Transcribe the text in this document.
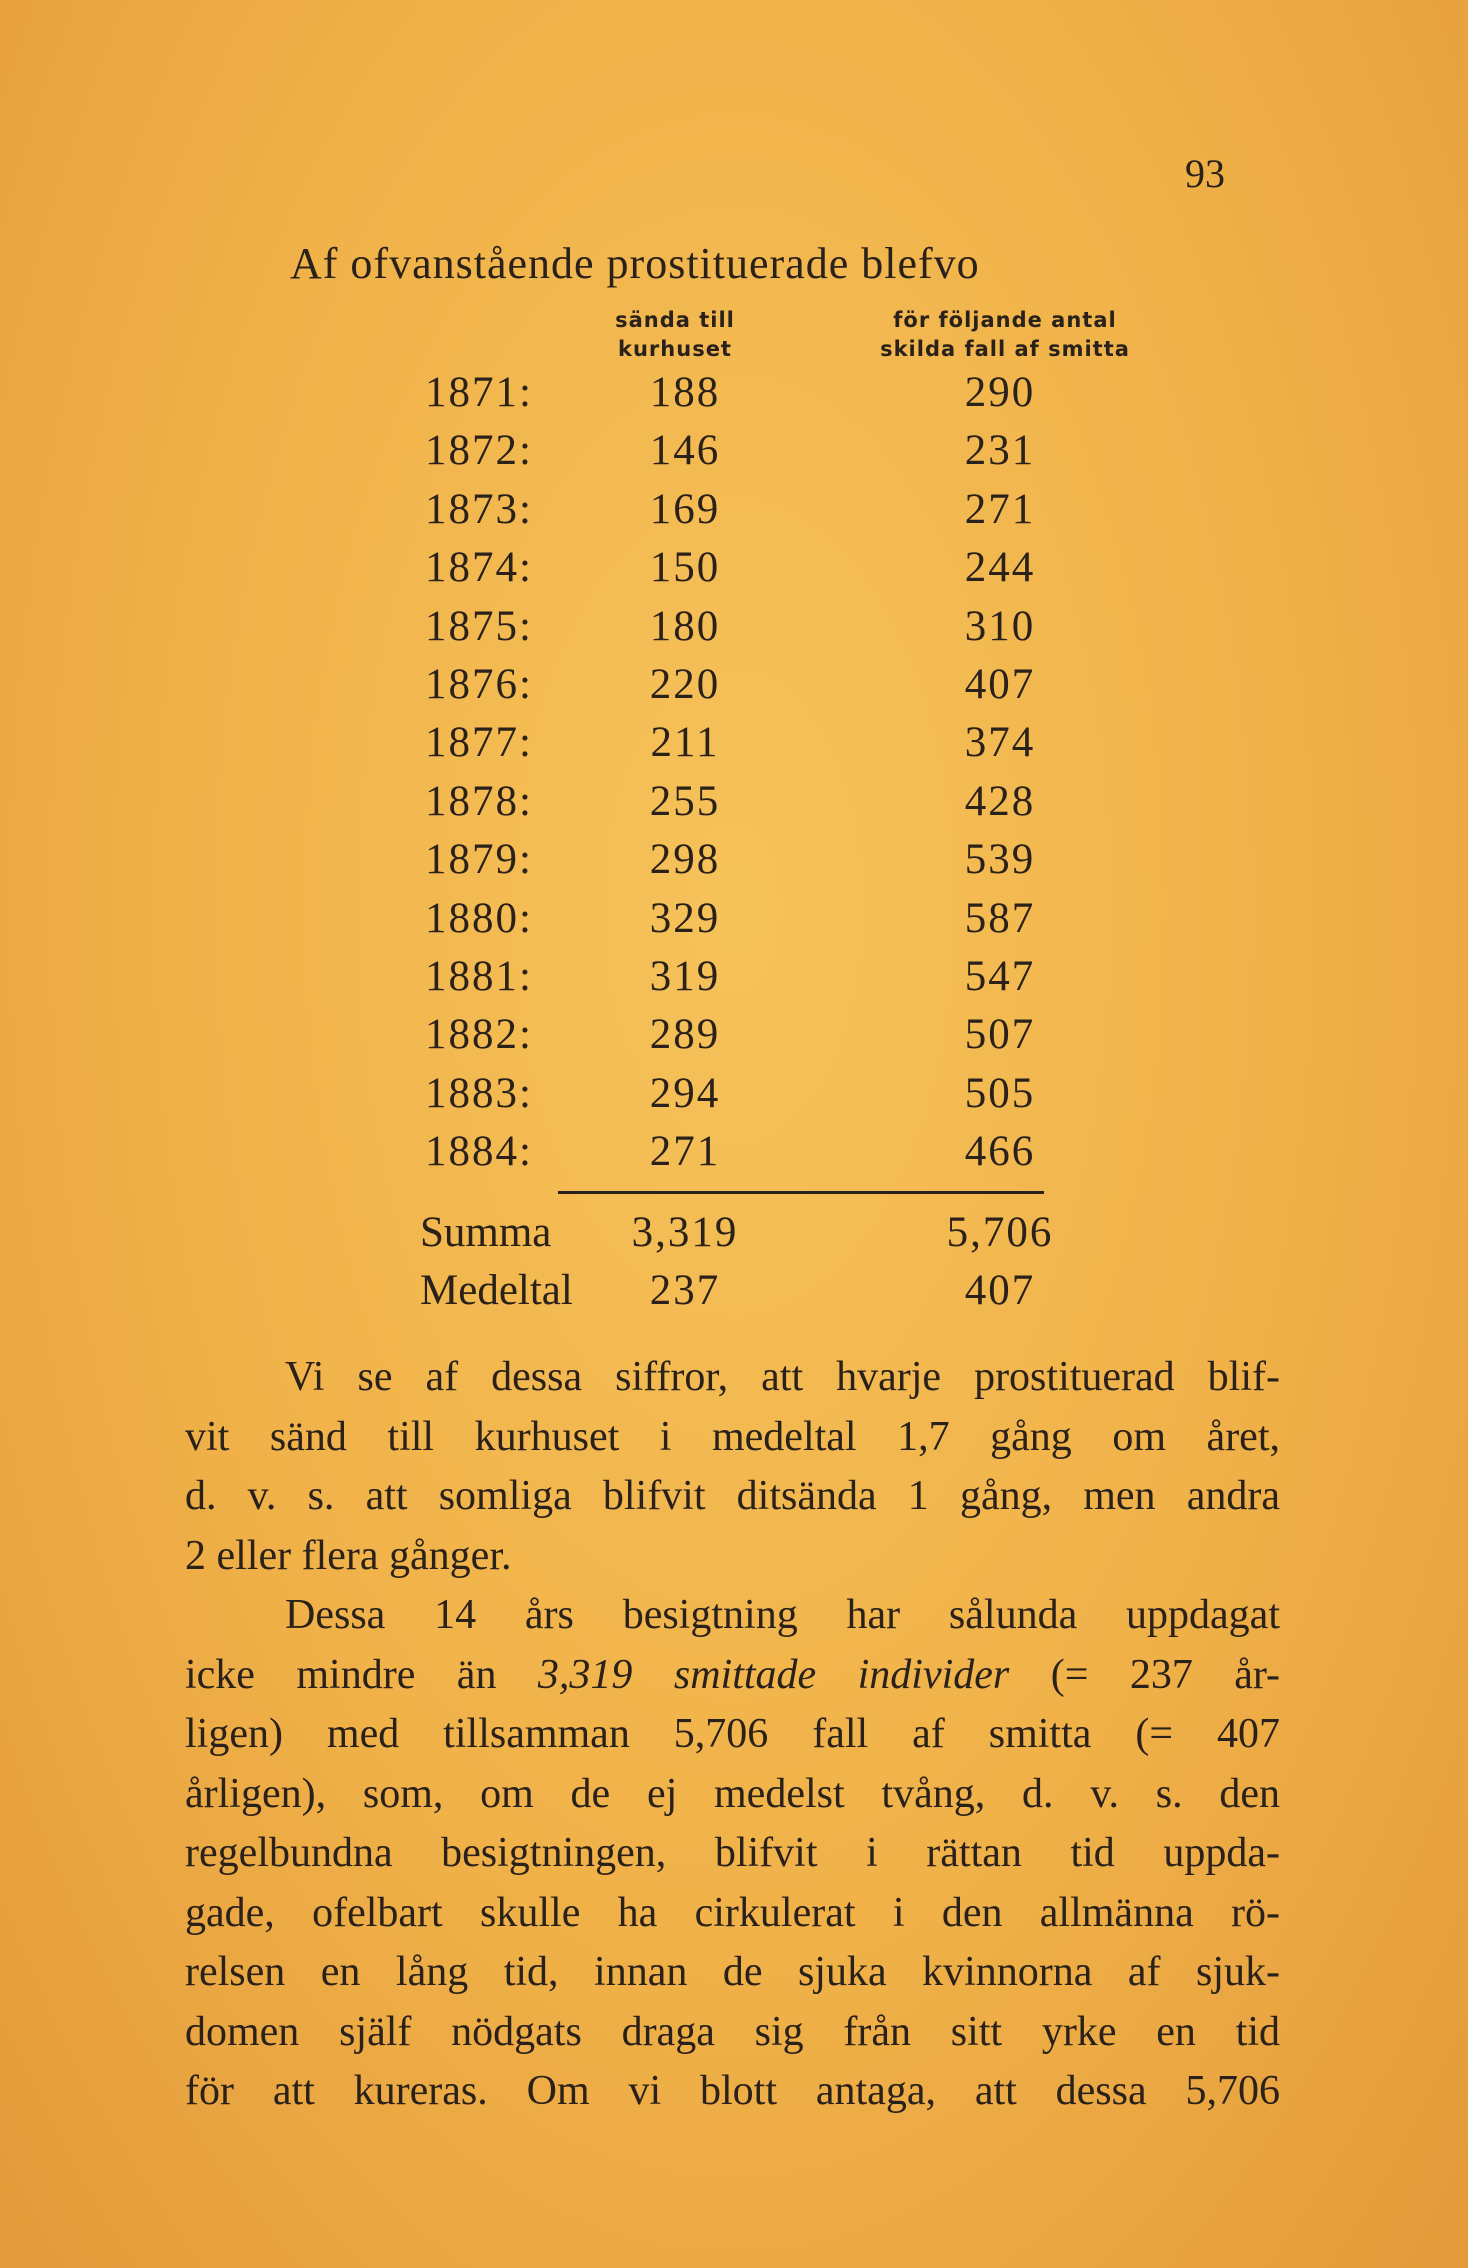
93
Af ofvanstående prostituerade blefvo
sända till
kurhuset
för följande antal
skilda fall af smitta
1871:	188	290
1872:	146	231
1873:	169	271
1874:	150	244
1875:	180	310
1876:	220	407
1877:	211	374
1878:	255	428
1879:	298	539
1880:	329	587
1881:	319	547
1882:	289	507
1883:	294	505
1884:	271	466
Summa	3,319	5,706
Medeltal	237	407
Vi se af dessa siffror, att hvarje prostituerad blif-
vit sänd till kurhuset i medeltal 1,7 gång om året,
d. v. s. att somliga blifvit ditsända 1 gång, men andra
2 eller flera gånger.
Dessa 14 års besigtning har sålunda uppdagat
icke mindre än 3,319 smittade individer (= 237 år-
ligen) med tillsamman 5,706 fall af smitta (= 407
årligen), som, om de ej medelst tvång, d. v. s. den
regelbundna besigtningen, blifvit i rättan tid uppda-
gade, ofelbart skulle ha cirkulerat i den allmänna rö-
relsen en lång tid, innan de sjuka kvinnorna af sjuk-
domen själf nödgats draga sig från sitt yrke en tid
för att kureras. Om vi blott antaga, att dessa 5,706
